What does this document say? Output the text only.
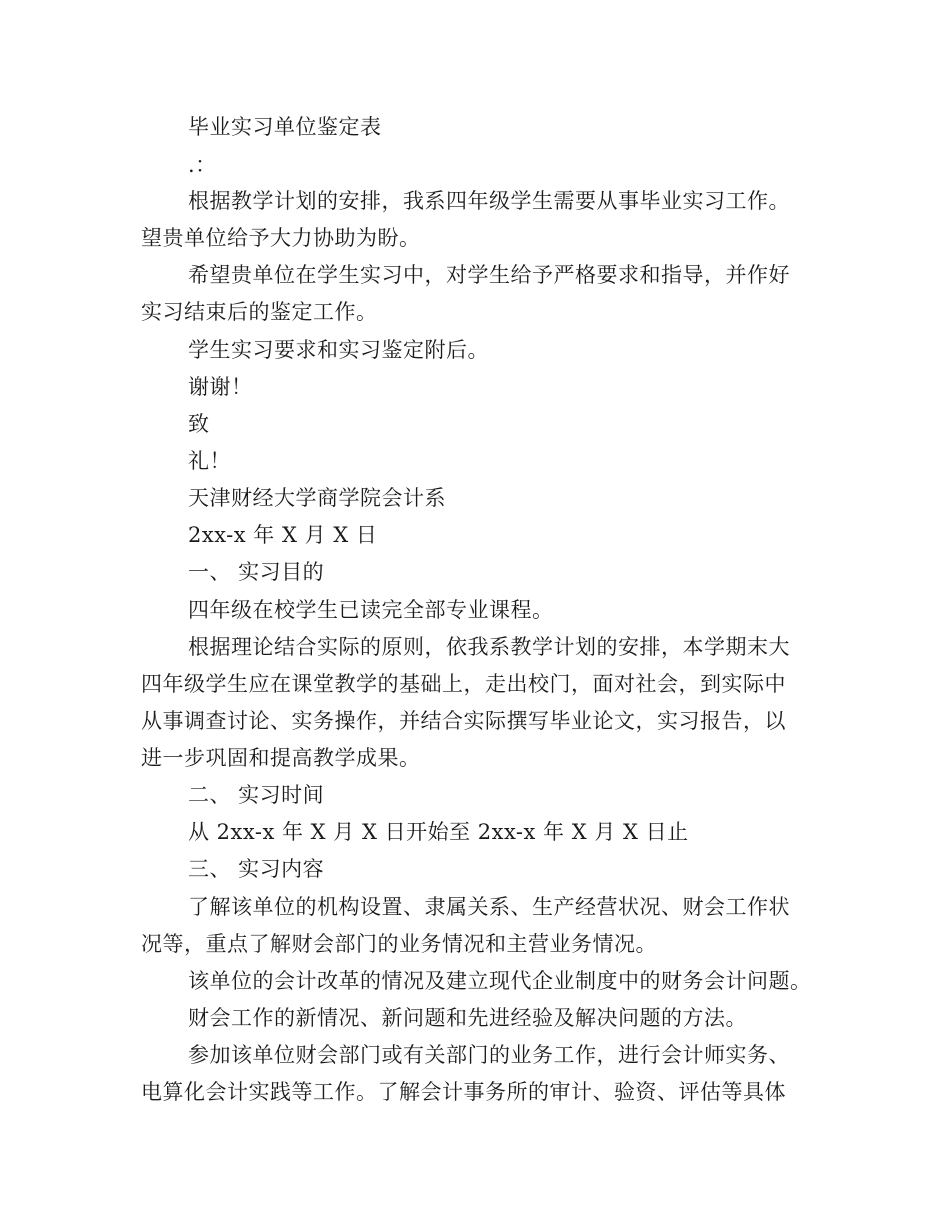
毕业实习单位鉴定表
.：
根据教学计划的安排，我系四年级学生需要从事毕业实习工作。
望贵单位给予大力协助为盼。
希望贵单位在学生实习中，对学生给予严格要求和指导，并作好
实习结束后的鉴定工作。
学生实习要求和实习鉴定附后。
谢谢！
致
礼！
天津财经大学商学院会计系
2xx-x 年 X 月 X 日
一、 实习目的
四年级在校学生已读完全部专业课程。
根据理论结合实际的原则，依我系教学计划的安排，本学期末大
四年级学生应在课堂教学的基础上，走出校门，面对社会，到实际中
从事调查讨论、实务操作，并结合实际撰写毕业论文，实习报告，以
进一步巩固和提高教学成果。
二、 实习时间
从 2xx-x 年 X 月 X 日开始至 2xx-x 年 X 月 X 日止
三、 实习内容
了解该单位的机构设置、隶属关系、生产经营状况、财会工作状
况等，重点了解财会部门的业务情况和主营业务情况。
该单位的会计改革的情况及建立现代企业制度中的财务会计问题。
财会工作的新情况、新问题和先进经验及解决问题的方法。
参加该单位财会部门或有关部门的业务工作，进行会计师实务、
电算化会计实践等工作。了解会计事务所的审计、验资、评估等具体
